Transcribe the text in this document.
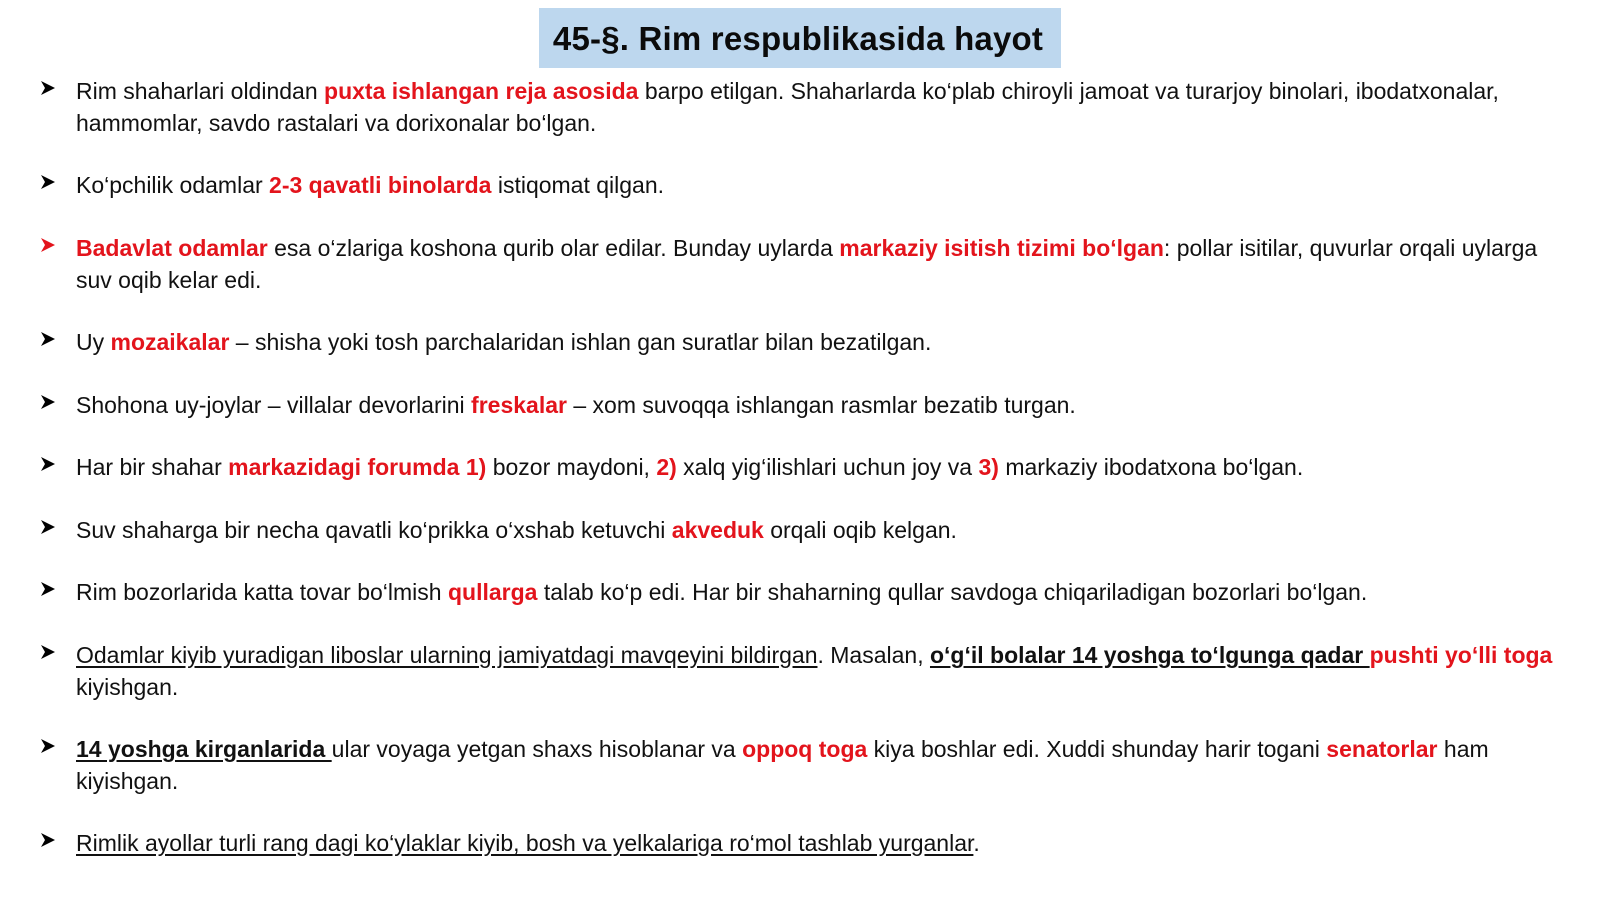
45-§. Rim respublikasida hayot
Rim shaharlari oldindan puxta ishlangan reja asosida barpo etilgan. Shaharlarda ko‘plab chiroyli jamoat va turarjoy binolari, ibodatxonalar, hammomlar, savdo rastalari va dorixonalar bo‘lgan.
Ko‘pchilik odamlar 2-3 qavatli binolarda istiqomat qilgan.
Badavlat odamlar esa o‘zlariga koshona qurib olar edilar. Bunday uylarda markaziy isitish tizimi bo‘lgan: pollar isitilar, quvurlar orqali uylarga suv oqib kelar edi.
Uy mozaikalar – shisha yoki tosh parchalaridan ishlan gan suratlar bilan bezatilgan.
Shohona uy-joylar – villalar devorlarini freskalar – xom suvoqqa ishlangan rasmlar bezatib turgan.
Har bir shahar markazidagi forumda 1) bozor maydoni, 2) xalq yig‘ilishlari uchun joy va 3) markaziy ibodatxona bo‘lgan.
Suv shaharga bir necha qavatli ko‘prikka o‘xshab ketuvchi akveduk orqali oqib kelgan.
Rim bozorlarida katta tovar bo‘lmish qullarga talab ko‘p edi. Har bir shaharning qullar savdoga chiqariladigan bozorlari bo‘lgan.
Odamlar kiyib yuradigan liboslar ularning jamiyatdagi mavqeyini bildirgan. Masalan, o‘g‘il bolalar 14 yoshga to‘lgunga qadar pushti yo‘lli toga kiyishgan.
14 yoshga kirganlarida ular voyaga yetgan shaxs hisoblanar va oppoq toga kiya boshlar edi. Xuddi shunday harir togani senatorlar ham kiyishgan.
Rimlik ayollar turli rang dagi ko‘ylaklar kiyib, bosh va yelkalariga ro‘mol tashlab yurganlar.
